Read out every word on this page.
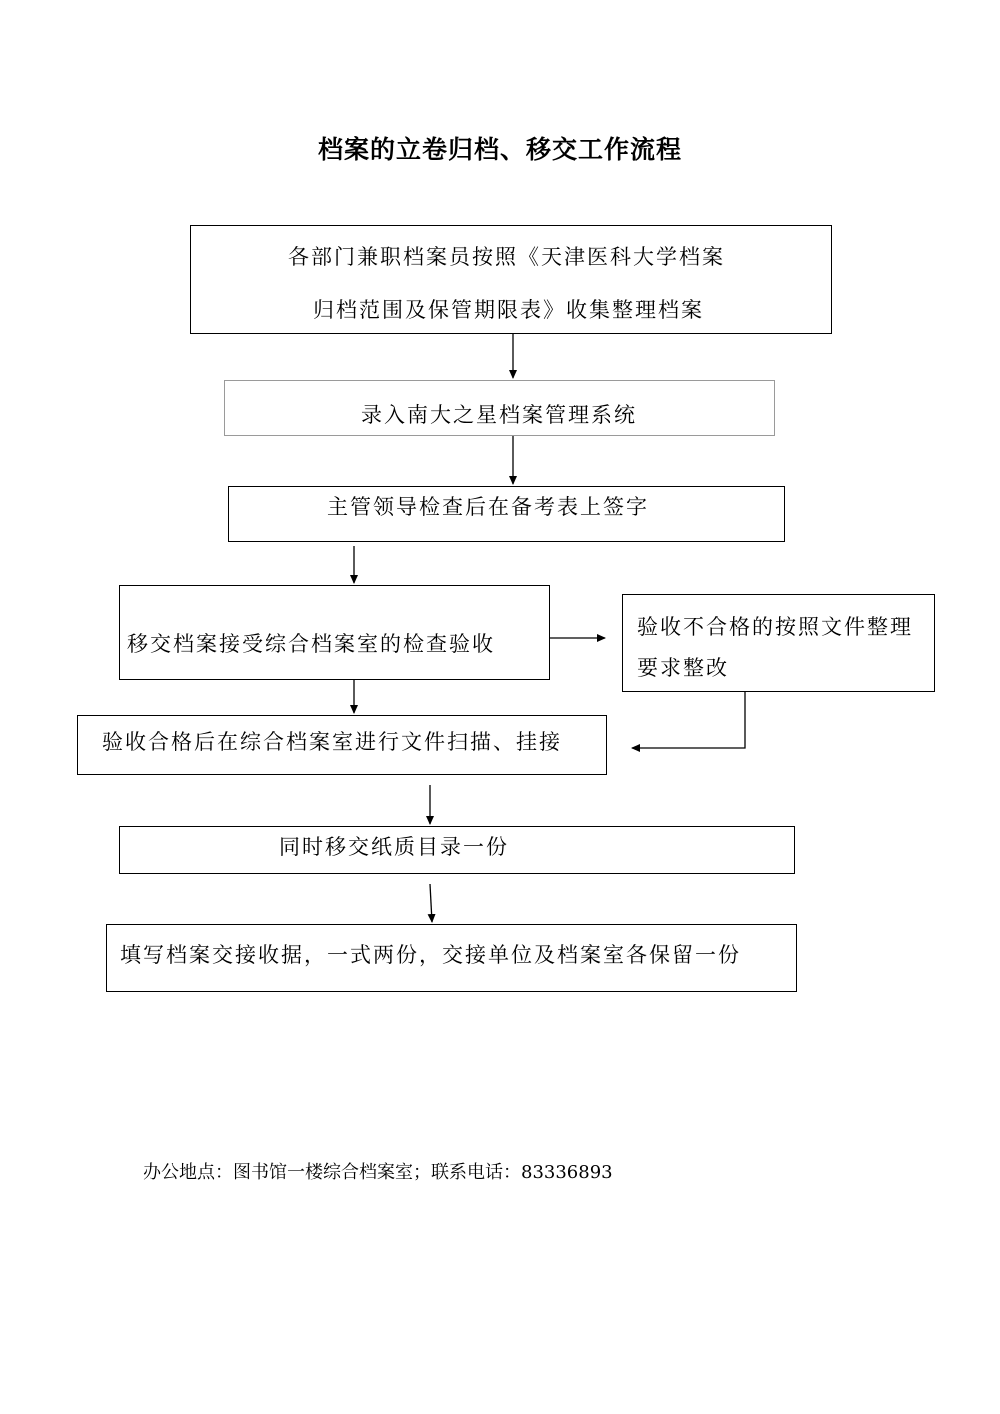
档案的立卷归档、移交工作流程
各部门兼职档案员按照《天津医科大学档案
归档范围及保管期限表》收集整理档案
录入南大之星档案管理系统
主管领导检查后在备考表上签字
移交档案接受综合档案室的检查验收
验收不合格的按照文件整理
要求整改
验收合格后在综合档案室进行文件扫描、挂接
同时移交纸质目录一份
填写档案交接收据，一式两份，交接单位及档案室各保留一份
办公地点：图书馆一楼综合档案室；联系电话：83336893
